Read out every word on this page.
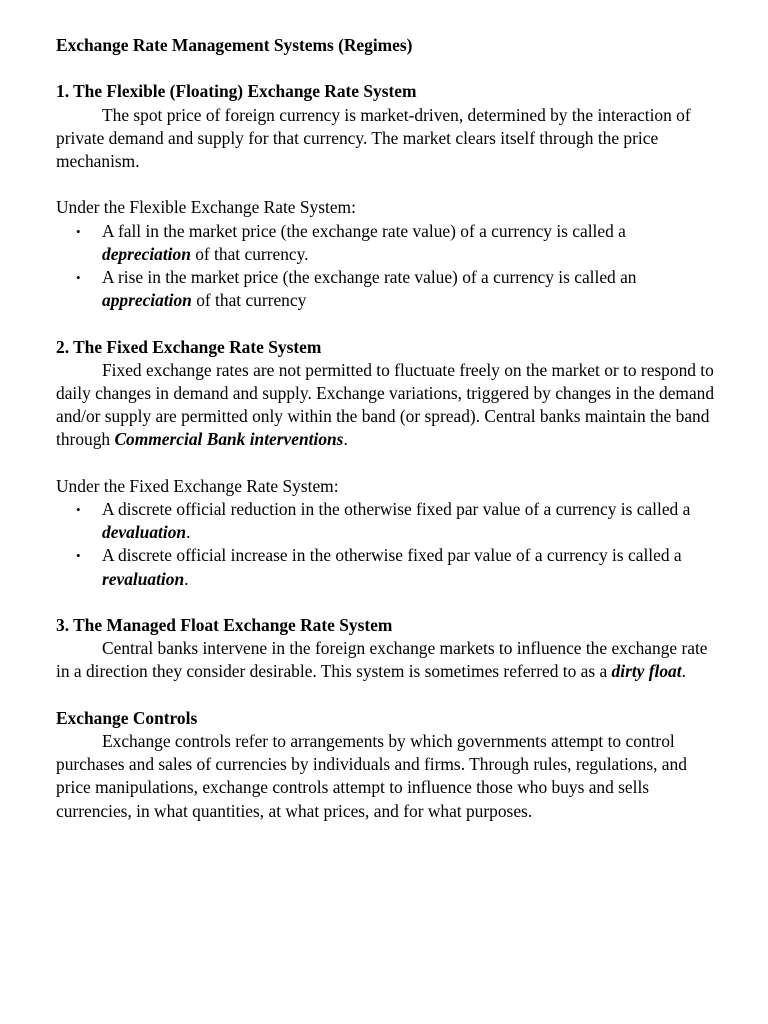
Exchange Rate Management Systems (Regimes)
1. The Flexible (Floating) Exchange Rate System

The spot price of foreign currency is market-driven, determined by the interaction of private demand and supply for that currency. The market clears itself through the price mechanism.

Under the Flexible Exchange Rate System:

• A fall in the market price (the exchange rate value) of a currency is called a depreciation of that currency.
• A rise in the market price (the exchange rate value) of a currency is called an appreciation of that currency
2. The Fixed Exchange Rate System

Fixed exchange rates are not permitted to fluctuate freely on the market or to respond to daily changes in demand and supply. Exchange variations, triggered by changes in the demand and/or supply are permitted only within the band (or spread). Central banks maintain the band through Commercial Bank interventions.

Under the Fixed Exchange Rate System:

• A discrete official reduction in the otherwise fixed par value of a currency is called a devaluation.
• A discrete official increase in the otherwise fixed par value of a currency is called a revaluation.
3. The Managed Float Exchange Rate System

Central banks intervene in the foreign exchange markets to influence the exchange rate in a direction they consider desirable. This system is sometimes referred to as a dirty float.

Exchange Controls

Exchange controls refer to arrangements by which governments attempt to control purchases and sales of currencies by individuals and firms. Through rules, regulations, and price manipulations, exchange controls attempt to influence those who buys and sells currencies, in what quantities, at what prices, and for what purposes.
